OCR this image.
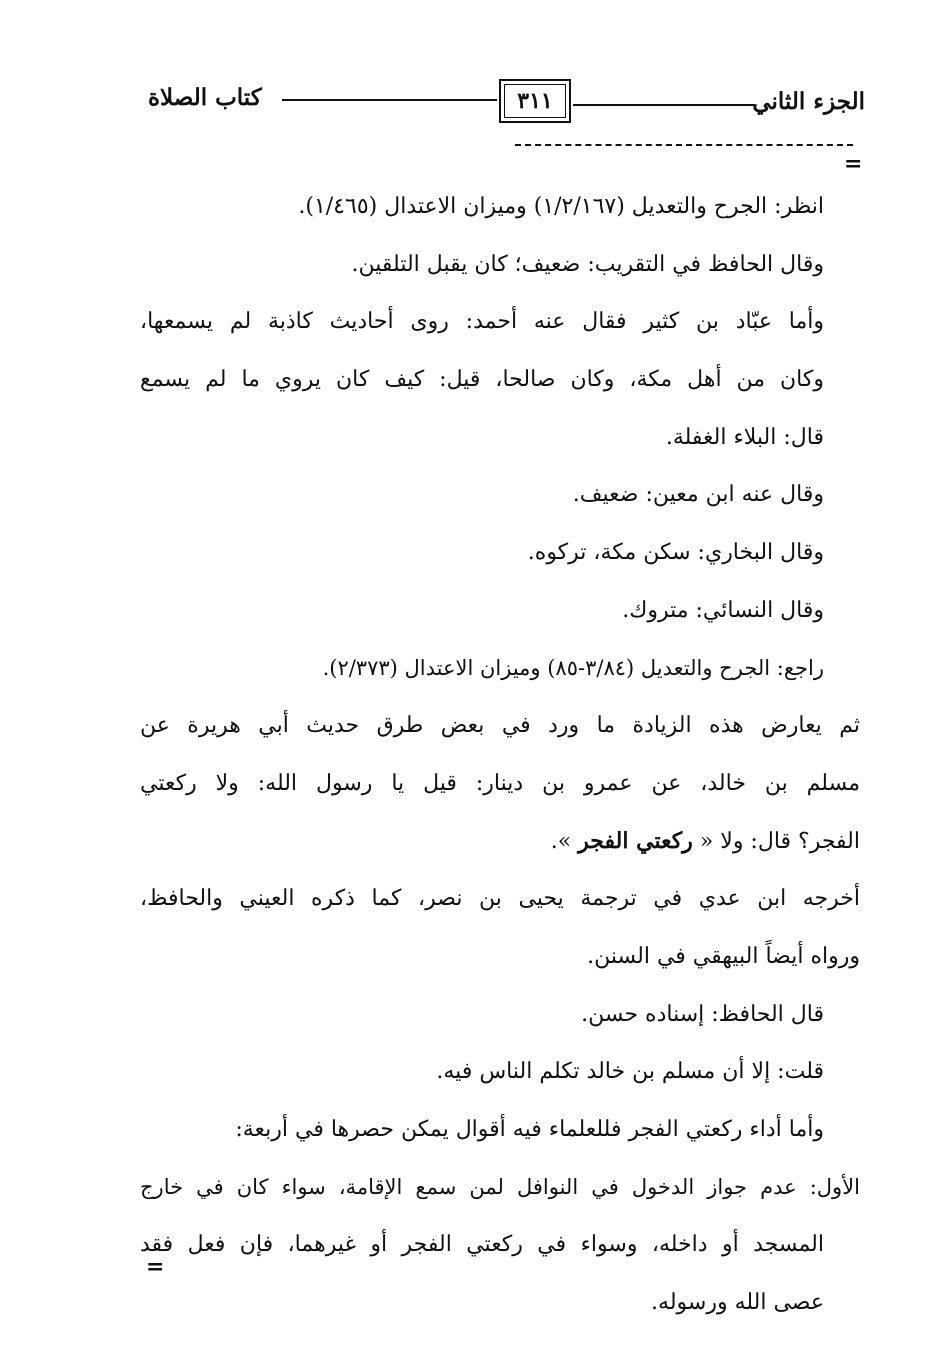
الجزء الثاني
٣١١
كتاب الصلاة
=
انظر: الجرح والتعديل (١/٢/١٦٧) وميزان الاعتدال (١/٤٦٥).
وقال الحافظ في التقريب: ضعيف؛ كان يقبل التلقين.
وأما عبّاد بن كثير فقال عنه أحمد: روى أحاديث كاذبة لم يسمعها،
وكان من أهل مكة، وكان صالحا، قيل: كيف كان يروي ما لم يسمع
قال: البلاء الغفلة.
وقال عنه ابن معين: ضعيف.
وقال البخاري: سكن مكة، تركوه.
وقال النسائي: متروك.
راجع: الجرح والتعديل (٣/٨٤-٨٥) وميزان الاعتدال (٢/٣٧٣).
ثم يعارض هذه الزيادة ما ورد في بعض طرق حديث أبي هريرة عن
مسلم بن خالد، عن عمرو بن دينار: قيل يا رسول الله: ولا ركعتي
الفجر؟ قال: ولا « ركعتي الفجر ».
أخرجه ابن عدي في ترجمة يحيى بن نصر، كما ذكره العيني والحافظ،
ورواه أيضاً البيهقي في السنن.
قال الحافظ: إسناده حسن.
قلت: إلا أن مسلم بن خالد تكلم الناس فيه.
وأما أداء ركعتي الفجر فللعلماء فيه أقوال يمكن حصرها في أربعة:
الأول: عدم جواز الدخول في النوافل لمن سمع الإقامة، سواء كان في خارج
المسجد أو داخله، وسواء في ركعتي الفجر أو غيرهما، فإن فعل فقد
عصى الله ورسوله.
=
